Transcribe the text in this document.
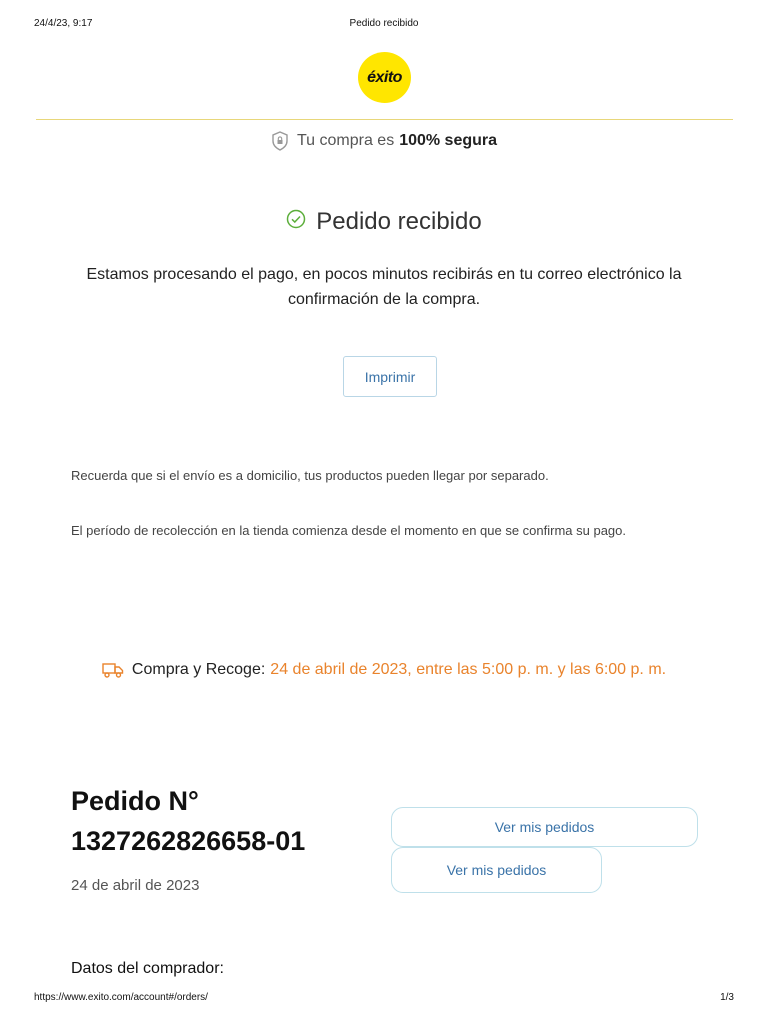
24/4/23, 9:17	Pedido recibido
éxito
Tu compra es 100% segura
Pedido recibido
Estamos procesando el pago, en pocos minutos recibirás en tu correo electrónico la confirmación de la compra.
Imprimir
Recuerda que si el envío es a domicilio, tus productos pueden llegar por separado.
El período de recolección en la tienda comienza desde el momento en que se confirma su pago.
Compra y Recoge: 24 de abril de 2023, entre las 5:00 p. m. y las 6:00 p. m.
Pedido N° 1327262826658-01
24 de abril de 2023
Ver mis pedidos
Ver mis pedidos
Datos del comprador:
https://www.exito.com/account#/orders/	1/3
